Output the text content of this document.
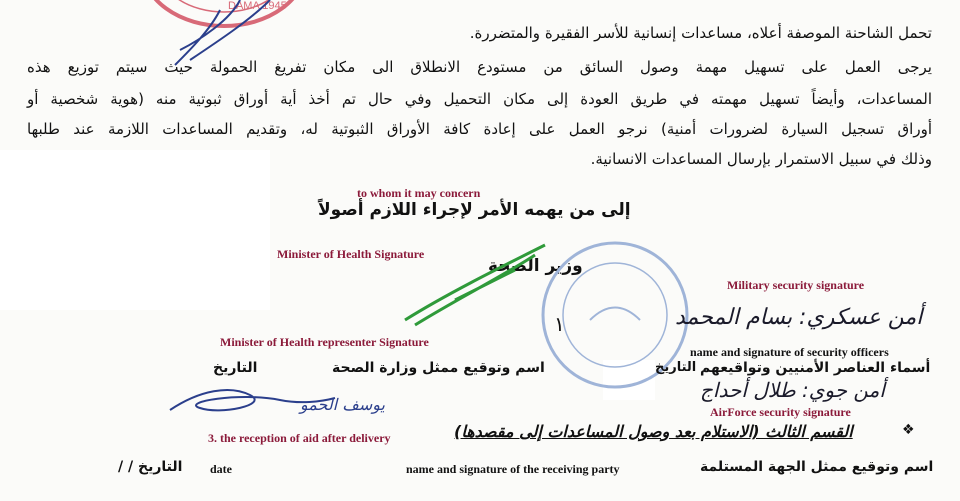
DAMA 1945
تحمل الشاحنة الموصفة أعلاه، مساعدات إنسانية للأسر الفقيرة والمتضررة.
يرجى العمل على تسهيل مهمة وصول السائق من مستودع الانطلاق الى مكان تفريغ الحمولة حيث سيتم توزيع هذه
المساعدات، وأيضاً تسهيل مهمته في طريق العودة إلى مكان التحميل وفي حال تم أخذ أية أوراق ثبوتية منه (هوية شخصية أو
أوراق تسجيل السيارة لضرورات أمنية) نرجو العمل على إعادة كافة الأوراق الثبوتية له، وتقديم المساعدات اللازمة عند طلبها
وذلك في سبيل الاستمرار بإرسال المساعدات الانسانية.
to whom it may concern
إلى من يهمه الأمر لإجراء اللازم أصولاً
Minister of Health Signature
وزير الصحة
١
Military security signature
أمن عسكري: بسام المحمد
Minister of Health representer Signature
اسم وتوقيع ممثل وزارة الصحة
التاريخ
يوسف الحمو
name and signature of security officers
أسماء العناصر الأمنيين وتواقيعهم
التاريخ
أمن جوي: طلال أحداج
AirForce security signature
3. the reception of aid after delivery	❖
القسم الثالث (الاستلام بعد وصول المساعدات إلى مقصدها)
date	name and signature of the receiving party
التاريخ / /	اسم وتوقيع ممثل الجهة المستلمة
